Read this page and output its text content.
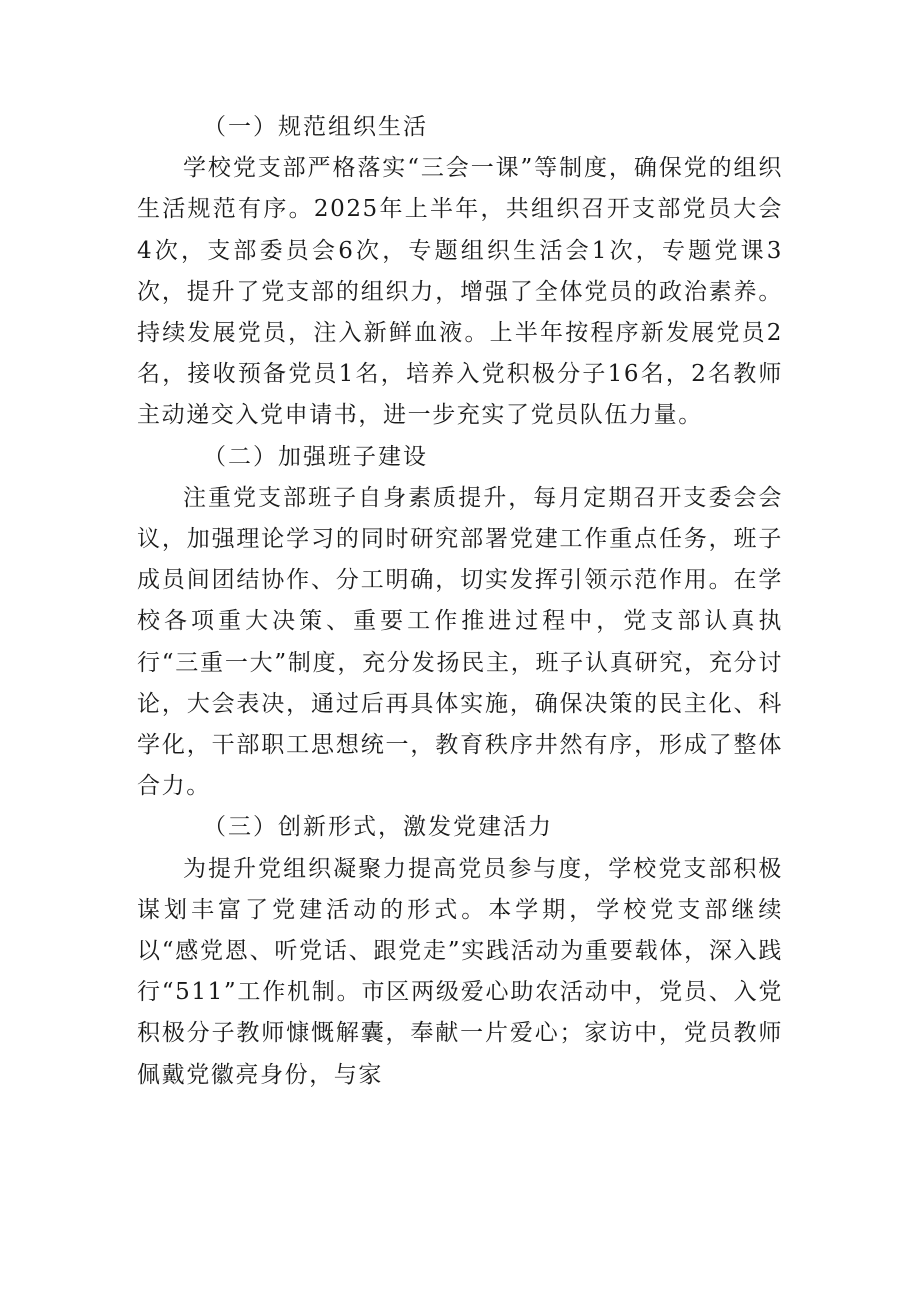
（一）规范组织生活

学校党支部严格落实“三会一课”等制度，确保党的组织生活规范有序。2025年上半年，共组织召开支部党员大会4次，支部委员会6次，专题组织生活会1次，专题党课3次，提升了党支部的组织力，增强了全体党员的政治素养。持续发展党员，注入新鲜血液。上半年按程序新发展党员2名，接收预备党员1名，培养入党积极分子16名，2名教师主动递交入党申请书，进一步充实了党员队伍力量。

（二）加强班子建设

注重党支部班子自身素质提升，每月定期召开支委会会议，加强理论学习的同时研究部署党建工作重点任务，班子成员间团结协作、分工明确，切实发挥引领示范作用。在学校各项重大决策、重要工作推进过程中，党支部认真执行“三重一大”制度，充分发扬民主，班子认真研究，充分讨论，大会表决，通过后再具体实施，确保决策的民主化、科学化，干部职工思想统一，教育秩序井然有序，形成了整体合力。

（三）创新形式，激发党建活力

为提升党组织凝聚力提高党员参与度，学校党支部积极谋划丰富了党建活动的形式。本学期，学校党支部继续以“感党恩、听党话、跟党走”实践活动为重要载体，深入践行“511”工作机制。市区两级爱心助农活动中，党员、入党积极分子教师慷慨解囊，奉献一片爱心；家访中，党员教师佩戴党徽亮身份，与家
